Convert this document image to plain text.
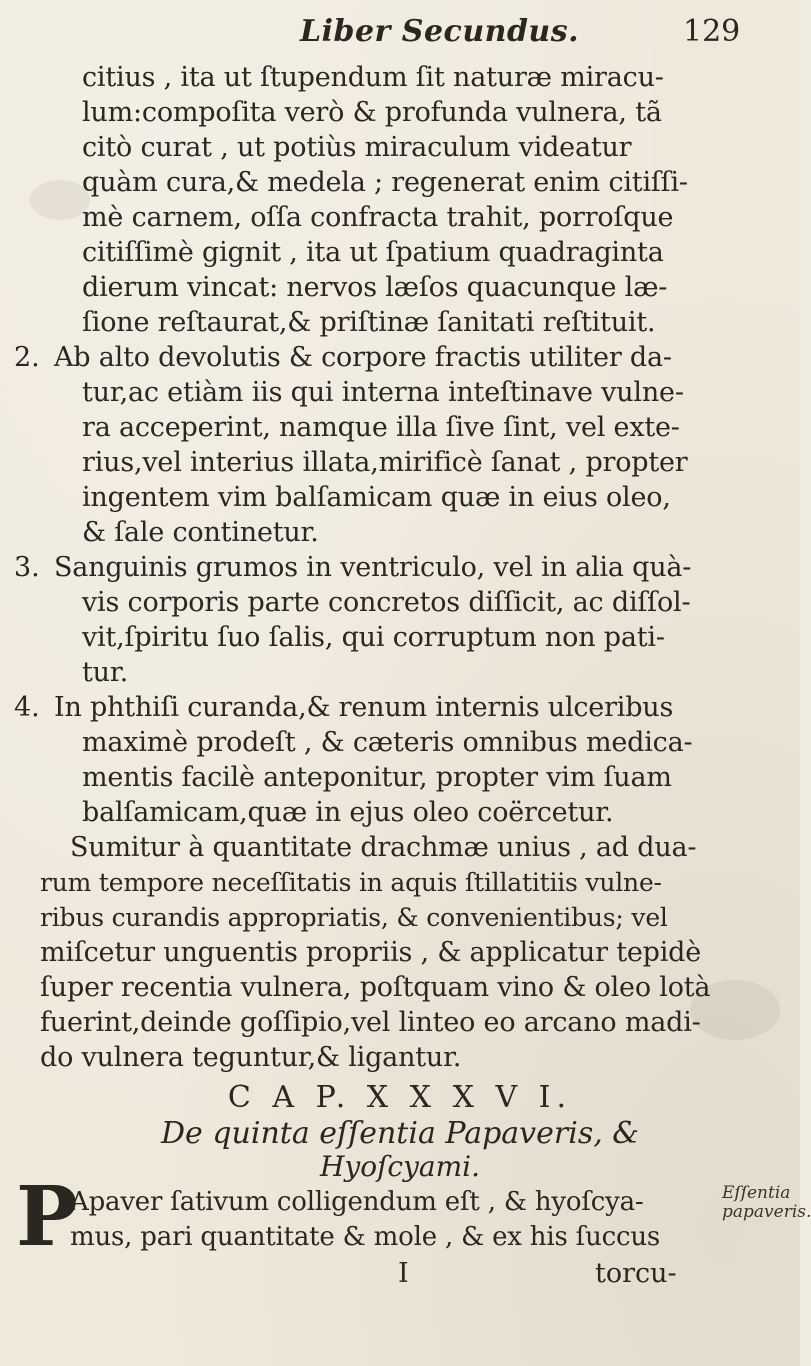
Liber Secundus.	129
citius , ita ut ſtupendum ſit naturæ miracu-
lum:compoſita verò & profunda vulnera, tã
citò curat , ut potiùs miraculum videatur
quàm cura,& medela ; regenerat enim citiſſi-
mè carnem, oſſa confracta trahit, porroſque
citiſſimè gignit , ita ut ſpatium quadraginta
dierum vincat: nervos læſos quacunque læ-
ſione reſtaurat,& priſtinæ ſanitati reſtituit.
2. Ab alto devolutis & corpore fractis utiliter da-
tur,ac etiàm iis qui interna inteſtinave vulne-
ra acceperint, namque illa ſive ſint, vel exte-
rius,vel interius illata,mirificè ſanat , propter
ingentem vim balſamicam quæ in eius oleo,
& ſale continetur.
3. Sanguinis grumos in ventriculo, vel in alia quà-
vis corporis parte concretos diſſicit, ac diſſol-
vit,ſpiritu ſuo ſalis, qui corruptum non pati-
tur.
4. In phthiſi curanda,& renum internis ulceribus
maximè prodeſt , & cæteris omnibus medica-
mentis facilè anteponitur, propter vim ſuam
balſamicam,quæ in ejus oleo coërcetur.
Sumitur à quantitate drachmæ unius , ad dua-
rum tempore neceſſitatis in aquis ſtillatitiis vulne-
ribus curandis appropriatis, & convenientibus; vel
miſcetur unguentis propriis , & applicatur tepidè
ſuper recentia vulnera, poſtquam vino & oleo lotà
fuerint,deinde goſſipio,vel linteo eo arcano madi-
do vulnera teguntur,& ligantur.
C A P. X X X V I.
De quinta eſſentia Papaveris, &
Hyoſcyami.
P
Apaver ſativum colligendum eſt , & hyoſcya-
mus, pari quantitate & mole , & ex his ſuccus
Eſſentia papaveris.
I	torcu-
